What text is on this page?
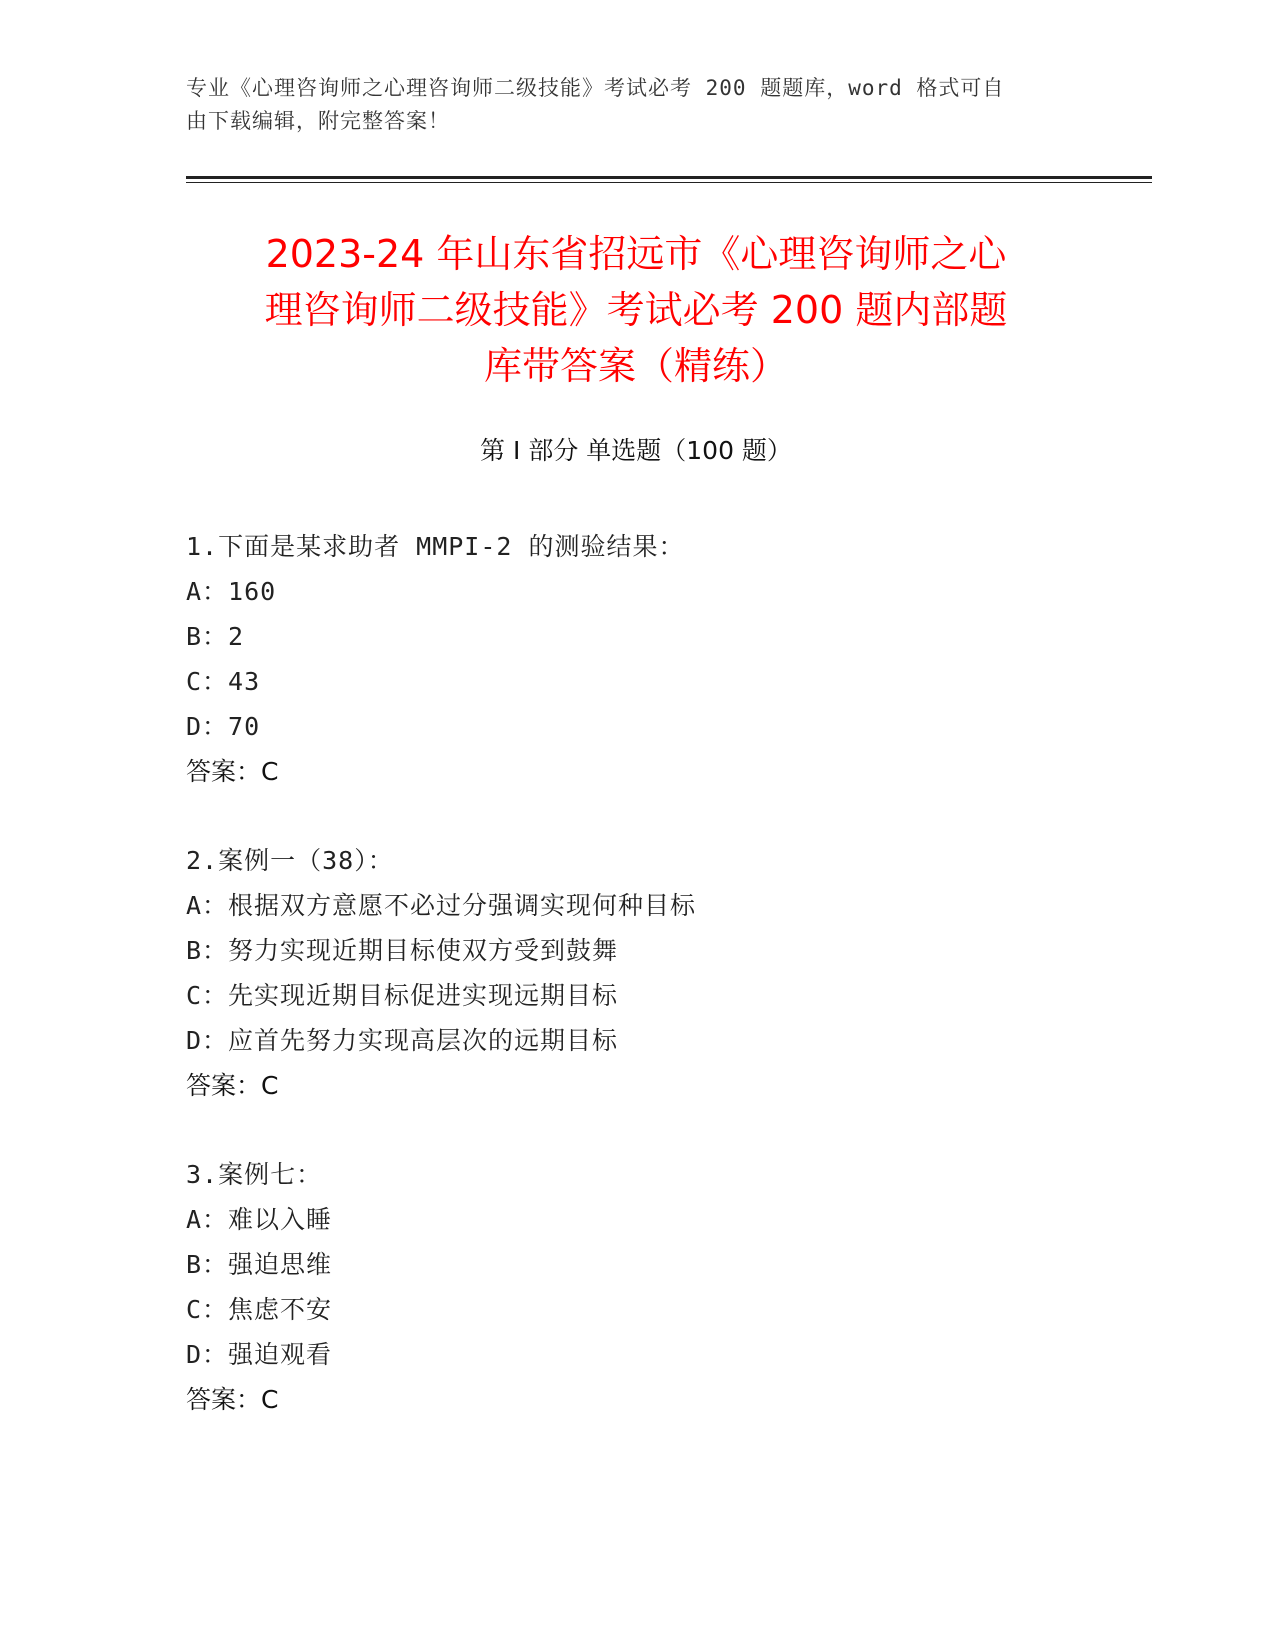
专业《心理咨询师之心理咨询师二级技能》考试必考 200 题题库，word 格式可自
由下载编辑，附完整答案！
2023-24 年山东省招远市《心理咨询师之心
理咨询师二级技能》考试必考 200 题内部题
库带答案（精练）
第 I 部分 单选题（100 题）
1.下面是某求助者 MMPI-2 的测验结果：
A：160
B：2
C：43
D：70
答案：C
2.案例一（38）：
A：根据双方意愿不必过分强调实现何种目标
B：努力实现近期目标使双方受到鼓舞
C：先实现近期目标促进实现远期目标
D：应首先努力实现高层次的远期目标
答案：C
3.案例七：
A：难以入睡
B：强迫思维
C：焦虑不安
D：强迫观看
答案：C
